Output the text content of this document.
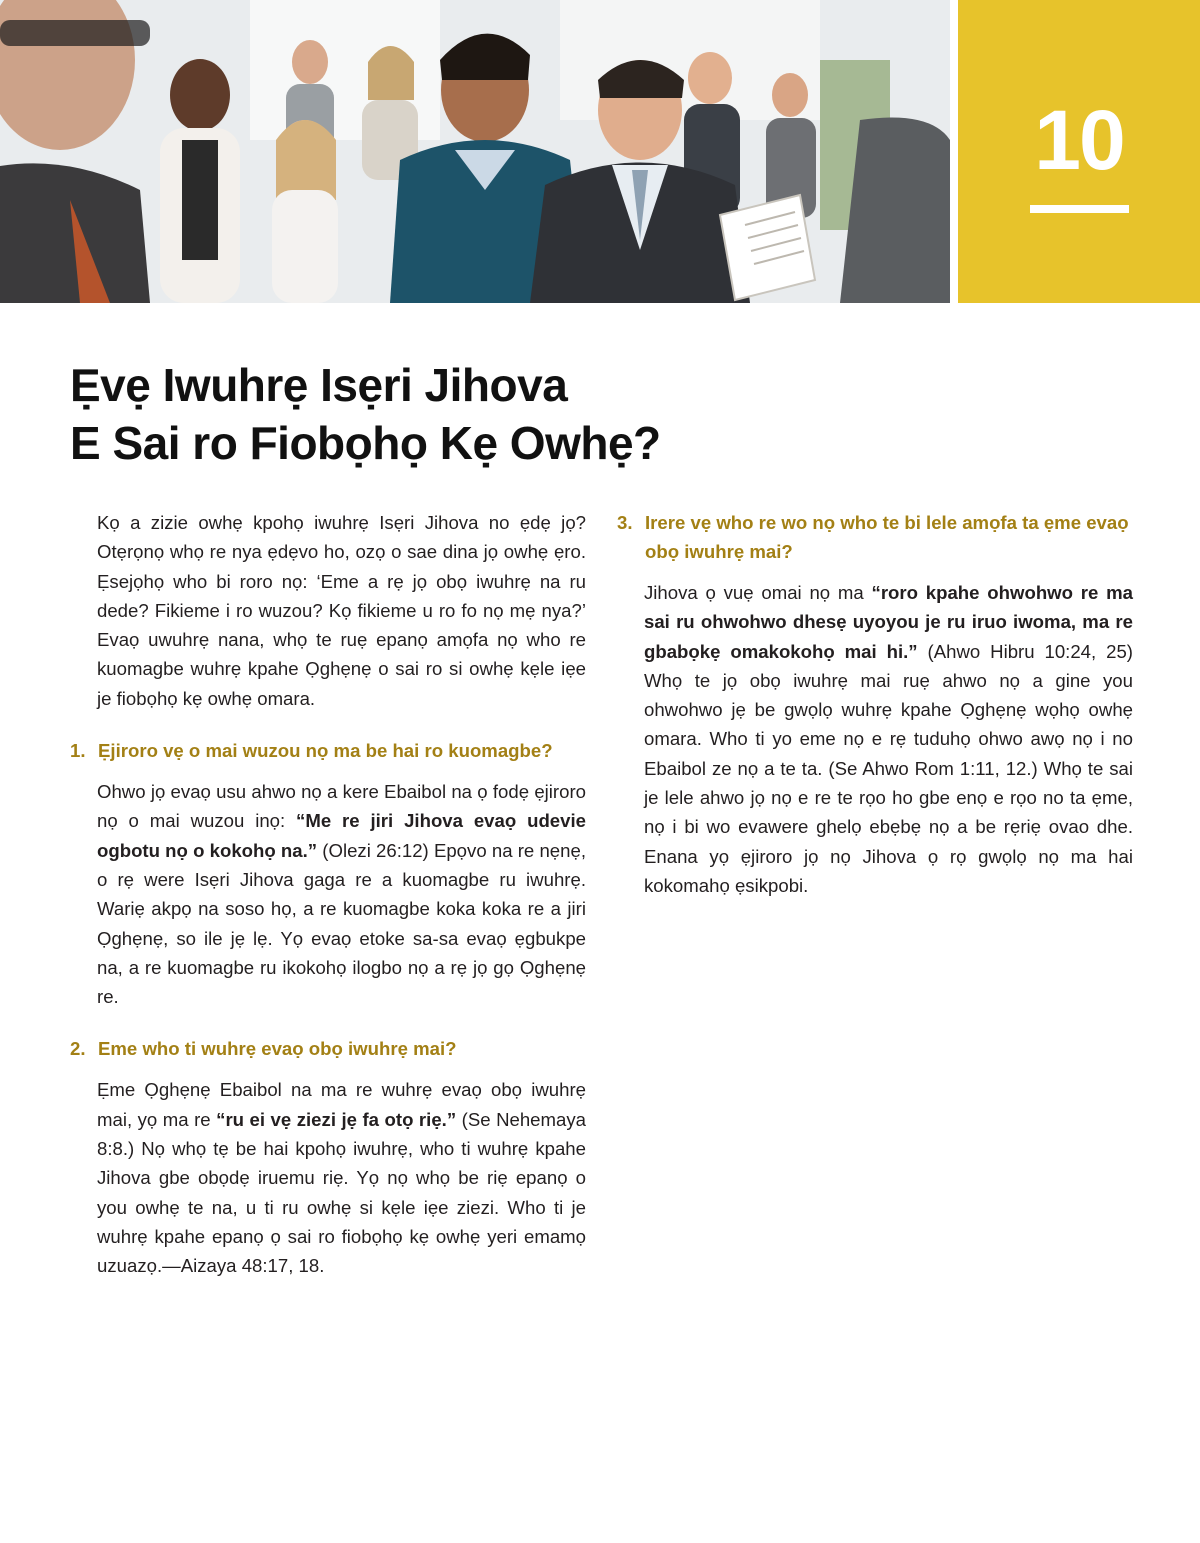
10
Ẹvẹ Iwuhrẹ Isẹri Jihova
E Sai ro Fiobọhọ Kẹ Owhẹ?

Kọ a zizie owhẹ kpohọ iwuhrẹ Isẹri Jihova no ẹdẹ jọ? Otẹrọnọ whọ re nya ẹdẹvo ho, ozọ o sae dina jọ owhẹ ẹro. Ẹsejọhọ who bi roro nọ: ‘Eme a rẹ jọ obọ iwuhrẹ na ru dede? Fikieme i ro wuzou? Kọ fikieme u ro fo nọ mẹ nya?’ Evaọ uwuhrẹ nana, whọ te ruẹ epanọ amọfa nọ who re kuomagbe wuhrẹ kpahe Ọghẹnẹ o sai ro si owhẹ kẹle iẹe je fiobọhọ kẹ owhẹ omara.

1. Ẹjiroro vẹ o mai wuzou nọ ma be hai ro kuomagbe?

Ohwo jọ evaọ usu ahwo nọ a kere Ebaibol na ọ fodẹ ẹjiroro nọ o mai wuzou inọ: “Me re jiri Jihova evaọ udevie ogbotu nọ o kokohọ na.” (Olezi 26:12) Epọvo na re nẹnẹ, o rẹ were Isẹri Jihova gaga re a kuomagbe ru iwuhrẹ. Wariẹ akpọ na soso họ, a re kuomagbe koka koka re a jiri Ọghẹnẹ, so ile jẹ lẹ. Yọ evaọ etoke sa-sa evaọ ẹgbukpe na, a re kuomagbe ru ikokohọ ilogbo nọ a rẹ jọ gọ Ọghẹnẹ re.

2. Eme who ti wuhrẹ evaọ obọ iwuhrẹ mai?

Ẹme Ọghẹnẹ Ebaibol na ma re wuhrẹ evaọ obọ iwuhrẹ mai, yọ ma re “ru ei vẹ ziezi jẹ fa otọ riẹ.” (Se Nehemaya 8:8.) Nọ whọ tẹ be hai kpohọ iwuhrẹ, who ti wuhrẹ kpahe Jihova gbe obọdẹ iruemu riẹ. Yọ nọ whọ be riẹ epanọ o you owhẹ te na, u ti ru owhẹ si kẹle iẹe ziezi. Who ti je wuhrẹ kpahe epanọ ọ sai ro fiobọhọ kẹ owhẹ yeri emamọ uzuazọ.—Aizaya 48:17, 18.

3. Irere vẹ who re wo nọ who te bi lele amọfa ta ẹme evaọ obọ iwuhrẹ mai?

Jihova ọ vuẹ omai nọ ma “roro kpahe ohwohwo re ma sai ru ohwohwo dhesẹ uyoyou je ru iruo iwoma, ma re gbabọkẹ omakokohọ mai hi.” (Ahwo Hibru 10:24, 25) Whọ te jọ obọ iwuhrẹ mai ruẹ ahwo nọ a gine you ohwohwo jẹ be gwọlọ wuhrẹ kpahe Ọghẹnẹ wọhọ owhẹ omara. Who ti yo eme nọ e rẹ tuduhọ ohwo awọ nọ i no Ebaibol ze nọ a te ta. (Se Ahwo Rom 1:11, 12.) Whọ te sai je lele ahwo jọ nọ e re te rọo ho gbe enọ e rọo no ta ẹme, nọ i bi wo evawere ghelọ ebẹbẹ nọ a be rẹriẹ ovao dhe. Enana yọ ẹjiroro jọ nọ Jihova ọ rọ gwọlọ nọ ma hai kokomahọ ẹsikpobi.
